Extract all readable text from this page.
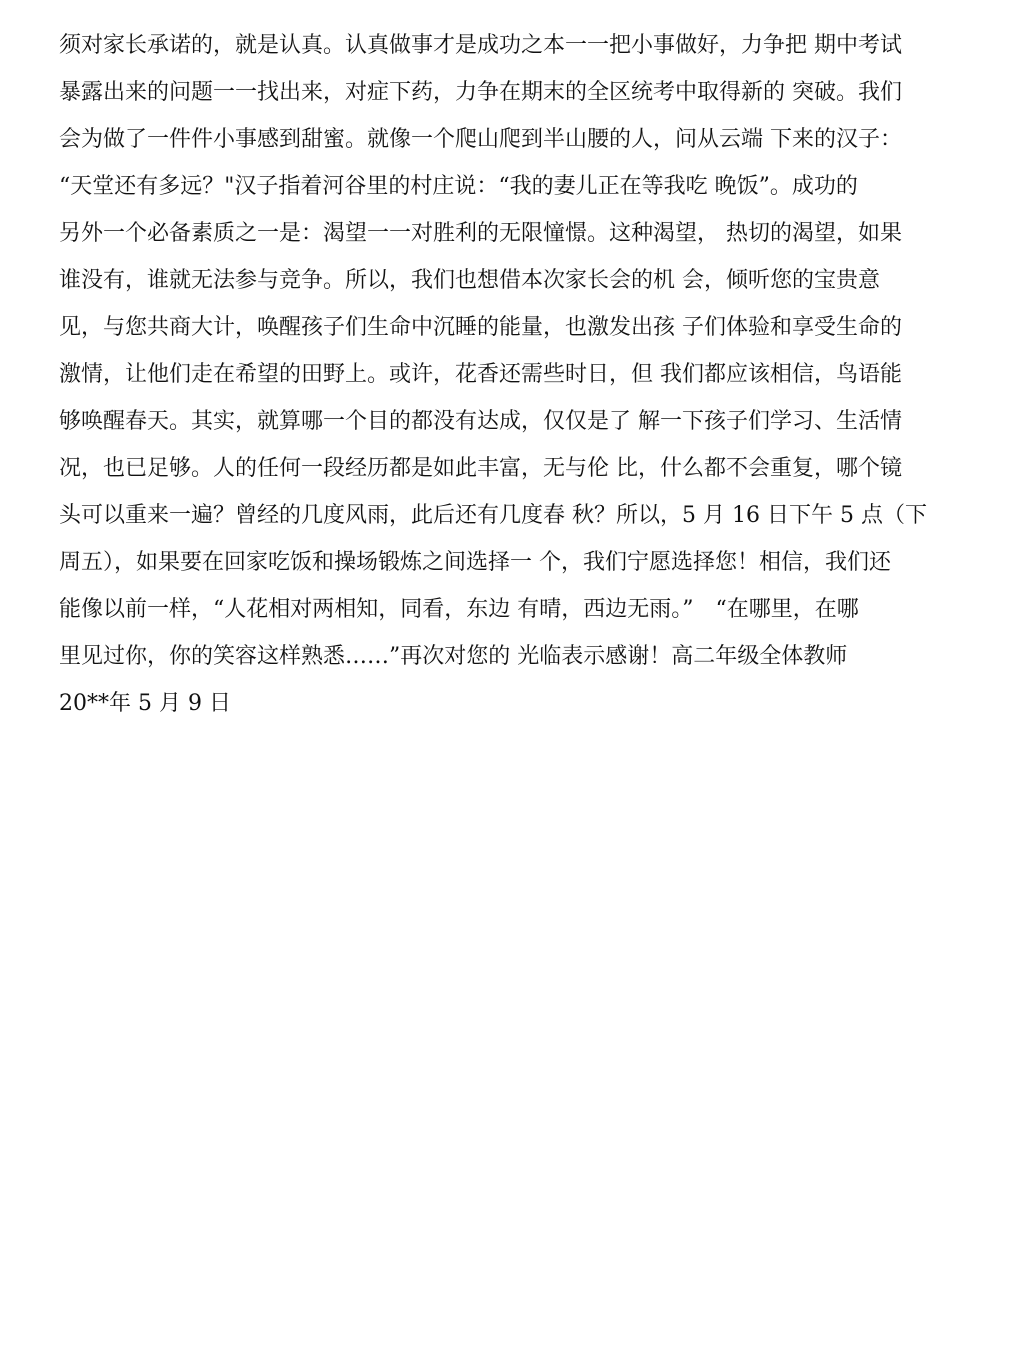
须对家长承诺的，就是认真。认真做事才是成功之本一一把小事做好，力争把 期中考试
暴露出来的问题一一找出来，对症下药，力争在期末的全区统考中取得新的 突破。我们
会为做了一件件小事感到甜蜜。就像一个爬山爬到半山腰的人，问从云端 下来的汉子：
“天堂还有多远？"汉子指着河谷里的村庄说：“我的妻儿正在等我吃 晚饭”。成功的
另外一个必备素质之一是：渴望一一对胜利的无限憧憬。这种渴望， 热切的渴望，如果
谁没有，谁就无法参与竞争。所以，我们也想借本次家长会的机 会，倾听您的宝贵意
见，与您共商大计，唤醒孩子们生命中沉睡的能量，也激发出孩 子们体验和享受生命的
激情，让他们走在希望的田野上。或许，花香还需些时日，但 我们都应该相信，鸟语能
够唤醒春天。其实，就算哪一个目的都没有达成，仅仅是了 解一下孩子们学习、生活情
况，也已足够。人的任何一段经历都是如此丰富，无与伦 比，什么都不会重复，哪个镜
头可以重来一遍？曾经的几度风雨，此后还有几度春 秋？所以，5 月 16 日下午 5 点（下
周五），如果要在回家吃饭和操场锻炼之间选择一 个，我们宁愿选择您！相信，我们还
能像以前一样，“人花相对两相知，同看，东边 有晴，西边无雨。”　“在哪里，在哪
里见过你，你的笑容这样熟悉……”再次对您的 光临表示感谢！高二年级全体教师
20**年 5 月 9 日
